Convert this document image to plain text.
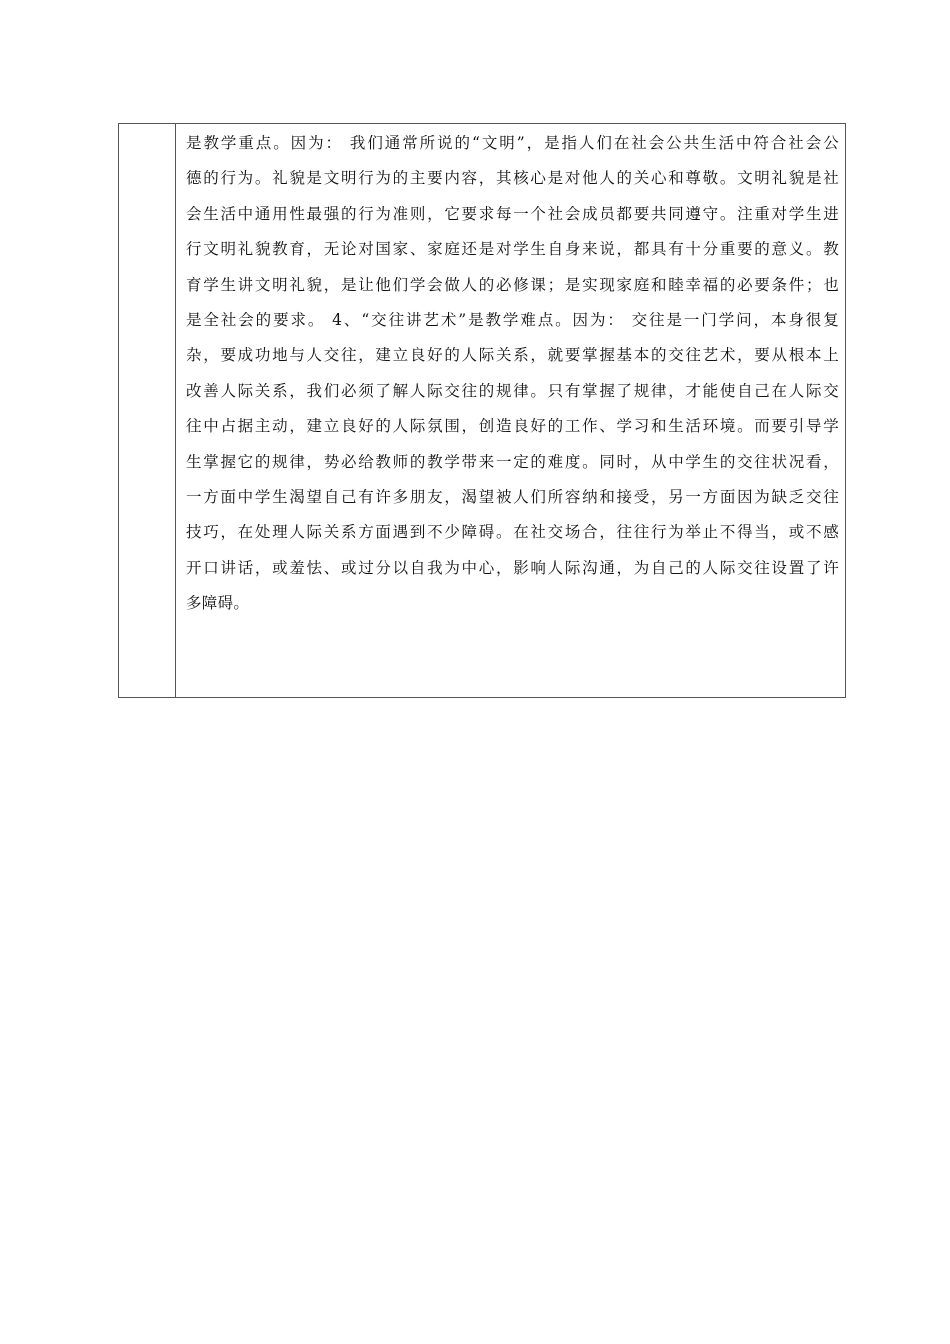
是教学重点。因为： 我们通常所说的“文明”，是指人们在社会公共生活中符合社会公
德的行为。礼貌是文明行为的主要内容，其核心是对他人的关心和尊敬。文明礼貌是社
会生活中通用性最强的行为准则，它要求每一个社会成员都要共同遵守。注重对学生进
行文明礼貌教育，无论对国家、家庭还是对学生自身来说，都具有十分重要的意义。教
育学生讲文明礼貌，是让他们学会做人的必修课；是实现家庭和睦幸福的必要条件；也
是全社会的要求。 4、“交往讲艺术”是教学难点。因为： 交往是一门学问，本身很复
杂，要成功地与人交往，建立良好的人际关系，就要掌握基本的交往艺术，要从根本上
改善人际关系，我们必须了解人际交往的规律。只有掌握了规律，才能使自己在人际交
往中占据主动，建立良好的人际氛围，创造良好的工作、学习和生活环境。而要引导学
生掌握它的规律，势必给教师的教学带来一定的难度。同时，从中学生的交往状况看，
一方面中学生渴望自己有许多朋友，渴望被人们所容纳和接受，另一方面因为缺乏交往
技巧，在处理人际关系方面遇到不少障碍。在社交场合，往往行为举止不得当，或不感
开口讲话，或羞怯、或过分以自我为中心，影响人际沟通，为自己的人际交往设置了许
多障碍。
